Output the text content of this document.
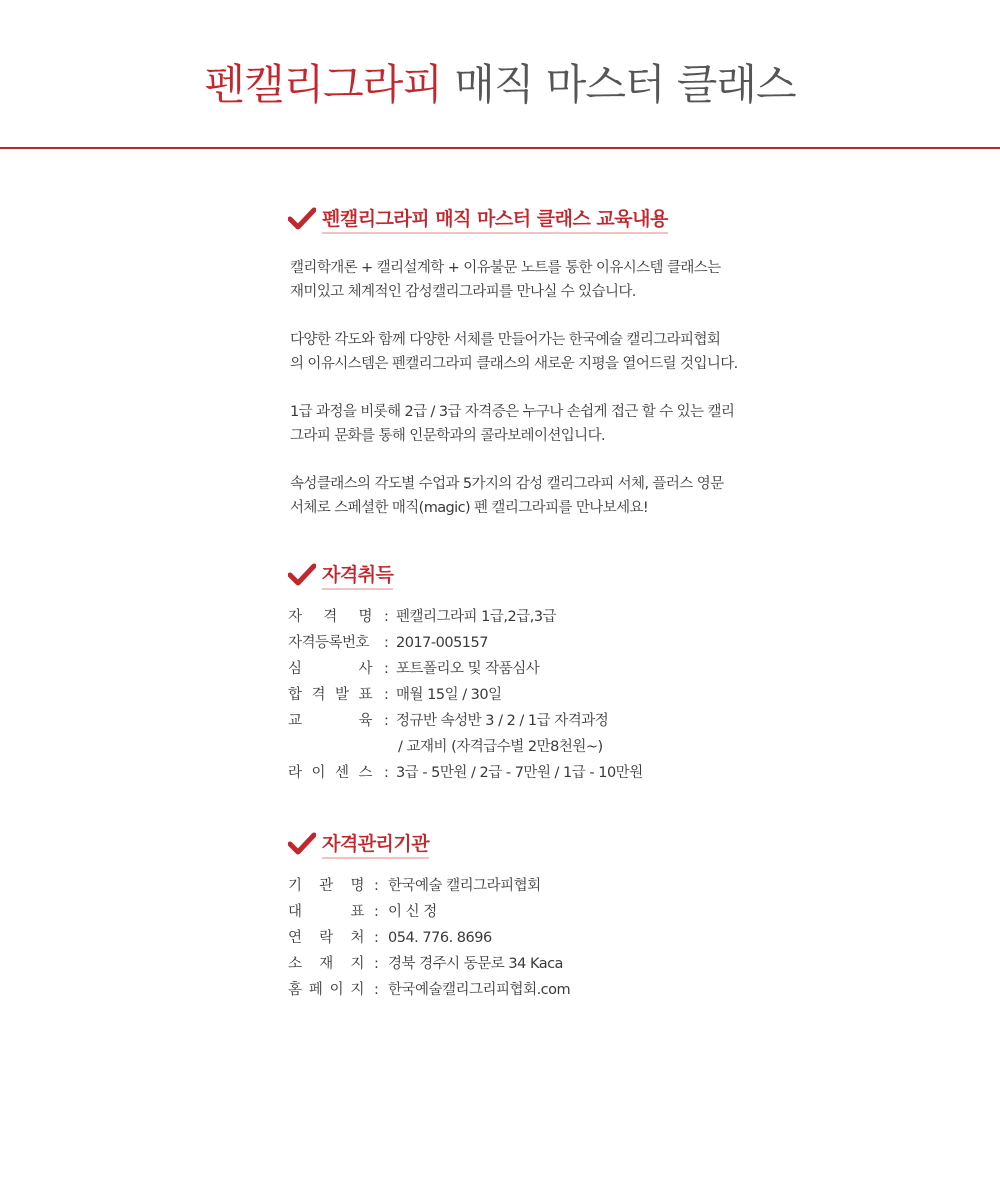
펜캘리그라피 매직 마스터 클래스
펜캘리그라피 매직 마스터 클래스 교육내용

캘리학개론 + 캘리설계학 + 이유불문 노트를 통한 이유시스템 클래스는
재미있고 체계적인 감성캘리그라피를 만나실 수 있습니다.

다양한 각도와 함께 다양한 서체를 만들어가는 한국예술 캘리그라피협회
의 이유시스템은 펜캘리그라피 클래스의 새로운 지평을 열어드릴 것입니다.

1급 과정을 비롯해 2급 / 3급 자격증은 누구나 손쉽게 접근 할 수 있는 캘리
그라피 문화를 통해 인문학과의 콜라보레이션입니다.

속성클래스의 각도별 수업과 5가지의 감성 캘리그라피 서체, 플러스 영문
서체로 스페셜한 매직(magic) 펜 캘리그라피를 만나보세요!

자격취득
자 격 명 : 펜캘리그라피 1급,2급,3급
자격등록번호 : 2017-005157
심	사 : 포트폴리오 및 작품심사
합 격 발 표 : 매월 15일 / 30일
교	육 : 정규반 속성반 3 / 2 / 1급 자격과정
/ 교재비 (자격급수별 2만8천원~)
라 이 센 스 : 3급 - 5만원 / 2급 - 7만원 / 1급 - 10만원
자격관리기관
기 관 명 : 한국예술 캘리그라피협회
대	표 : 이 신 정
연 락 처 : 054. 776. 8696
소 재 지 : 경북 경주시 동문로 34 Kaca
홈 페 이 지 : 한국예술캘리그리피협회.com
